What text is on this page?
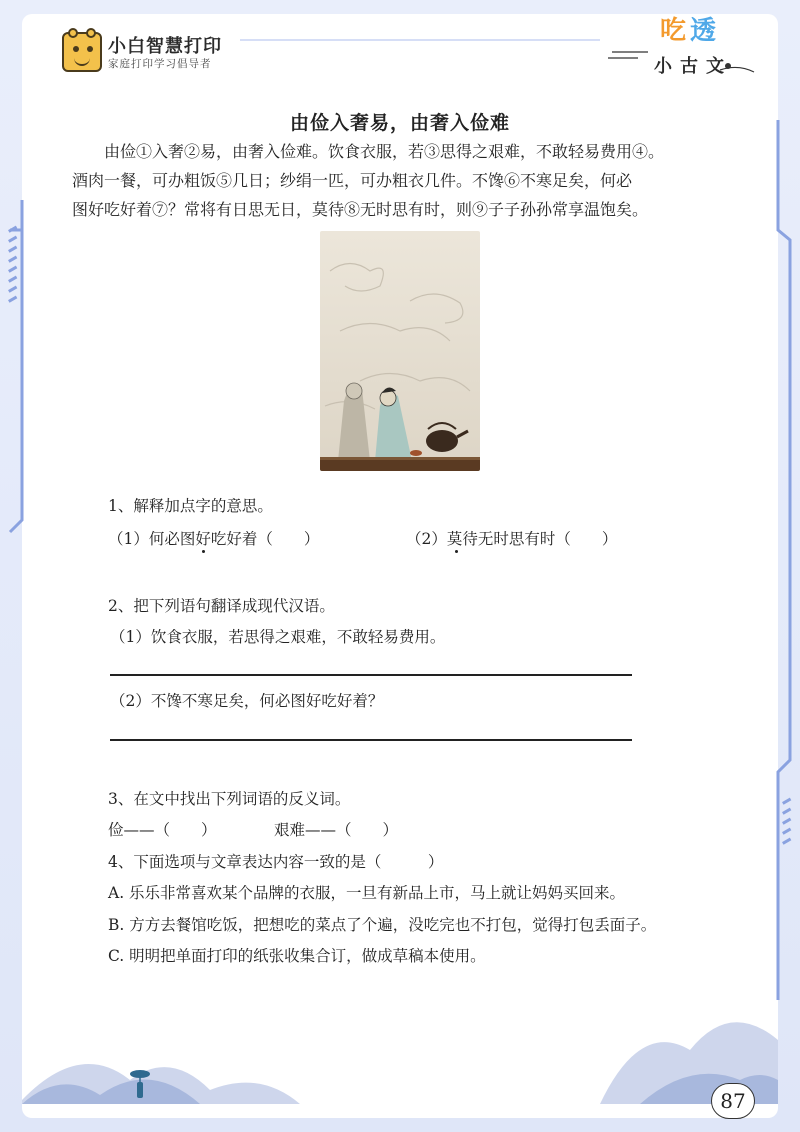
小白智慧打印
家庭打印学习倡导者
吃 透
小古文
由俭入奢易，由奢入俭难
由俭①入奢②易，由奢入俭难。饮食衣服，若③思得之艰难，不敢轻易费用④。
酒肉一餐，可办粗饭⑤几日；纱绢一匹，可办粗衣几件。不馋⑥不寒足矣，何必
图好吃好着⑦？常将有日思无日，莫待⑧无时思有时，则⑨子子孙孙常享温饱矣。
1、解释加点字的意思。
（1）何必图好吃好着（　　）	（2）莫待无时思有时（　　）
2、把下列语句翻译成现代汉语。
（1）饮食衣服，若思得之艰难，不敢轻易费用。
（2）不馋不寒足矣，何必图好吃好着？
3、在文中找出下列词语的反义词。
俭——（　　）	艰难——（　　）
4、下面选项与文章表达内容一致的是（　　　）
A. 乐乐非常喜欢某个品牌的衣服，一旦有新品上市，马上就让妈妈买回来。
B. 方方去餐馆吃饭，把想吃的菜点了个遍，没吃完也不打包，觉得打包丢面子。
C. 明明把单面打印的纸张收集合订，做成草稿本使用。
87
